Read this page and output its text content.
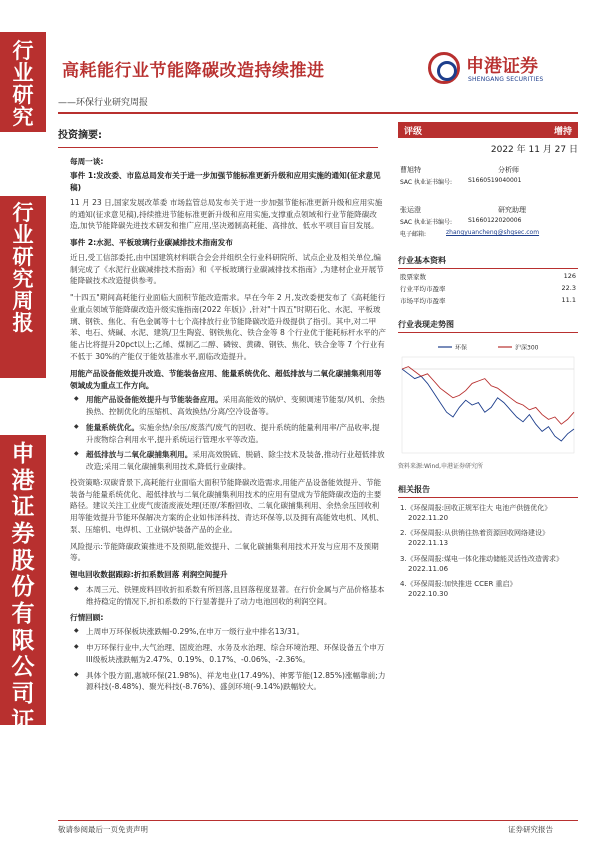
行
业
研
究
行
业
研
究
周
报
申
港
证
券
股
份
有
限
公
司
证
券
研
究
报
告
高耗能行业节能降碳改造持续推进
——环保行业研究周报
申港证券
SHENGANG SECURITIES
投资摘要:
每周一谈:
事件 1:发改委、市监总局发布关于进一步加强节能标准更新升级和应用实施的通知(征求意见稿)
11 月 23 日,国家发展改革委 市场监管总局发布关于进一步加强节能标准更新升级和应用实施的通知(征求意见稿),持续推进节能标准更新升级和应用实施,支撑重点领域和行业节能降碳改造,加快节能降碳先进技术研发和推广应用,坚决遏制高耗能、高排放、低水平项目盲目发展。
事件 2:水泥、平板玻璃行业碳减排技术指南发布
近日,受工信部委托,由中国建筑材料联合会会并组织全行业科研院所、试点企业及相关单位,编制完成了《水泥行业碳减排技术指南》和《平板玻璃行业碳减排技术指南》,为建材企业开展节能降碳技术改造提供参考。
"十四五"期间高耗能行业面临大面积节能改造需求。早在今年 2 月,发改委便发布了《高耗能行业重点领域节能降碳改造升级实施指南(2022 年版)》,针对"十四五"时期石化、水泥、平板玻璃、钢铁、焦化、有色金属等十七个高排放行业节能降碳改造升级提供了指引。其中,对二甲苯、电石、烧碱、水泥、建筑/卫生陶瓷、钢铁焦化、铁合金等 8 个行业优于能耗标杆水平的产能占比将提升20pct以上;乙烯、煤制乙二醇、磷铵、黄磷、钢铁、焦化、铁合金等 7 个行业有不低于 30%的产能仅于能效基准水平,面临改造提升。
用能产品设备能效提升改造、节能装备应用、能量系统优化、超低排放与二氧化碳捕集利用等领域成为重点工作方向。
◆ 用能产品设备能效提升与节能装备应用。采用高能效的锅炉、变频调速节能泵/风机、余热换热、控制优化的压缩机、高效换热/分离/空冷设备等。
◆ 能量系统优化。实施余热/余压/废蒸汽/废气的回收、提升系统的能量利用率/产品收率,提升废物综合利用水平,提升系统运行管理水平等改造。
◆ 超低排放与二氧化碳捕集利用。采用高效脱硫、脱硝、除尘技术及装备,推动行业超低排放改造;采用二氧化碳捕集利用技术,降低行业碳排。
投资策略:双碳背景下,高耗能行业面临大面积节能降碳改造需求,用能产品设备能效提升、节能装备与能量系统优化、超低排放与二氧化碳捕集利用技术的应用有望成为节能降碳改造的主要路径。建议关注工业废气废渣废液处理(还原/苯酚回收、二氧化碳捕集利用、余热余压回收利用等能效提升节能环保解决方案的企业如伟泽科技、青达环保等,以及拥有高能效电机、风机、泵、压缩机、电焊机、工业锅炉装备产品的企业。
风险提示:节能降碳政策推进不及预期,能效提升、二氧化碳捕集利用技术开发与应用不及预期等。
锂电回收数据跟踪:折扣系数回落 利润空间提升
◆ 本周三元、铁锂废料回收折扣系数有所回落,且回落程度显著。在行价金属与产品价格基本维持稳定的情况下,折扣系数的下行显著提升了动力电池回收的利润空间。
行情回顾:
◆ 上周申万环保板块涨跌幅-0.29%,在申万一级行业中排名13/31。
◆ 申万环保行业中,大气治理、固废治理、水务及水治理、综合环境治理、环保设备五个申万III级板块涨跌幅为2.47%、0.19%、0.17%、-0.06%、-2.36%。
◆ 具体个股方面,惠城环保(21.98%)、祥龙电业(17.49%)、神雾节能(12.85%)涨幅靠前;力源科技(-8.48%)、聚光科技(-8.76%)、盛剑环境(-9.14%)跌幅较大。
评级	增持
2022 年 11 月 27 日
曹旭特	分析师
SAC 执业证书编号:	S1660519040001
张运澄	研究助理
SAC 执业证书编号:	S1660122020006
电子邮箱:	zhangyuancheng@shgsec.com
行业基本资料
股票家数	126
行业平均市盈率	22.3
市场平均市盈率	11.1
行业表现走势图
环保	沪深300
资料来源:Wind,申港证券研究所
相关报告
1.《环保周报:回收正规军往大 电池产供链优化》
2022.11.20
2.《环保周报:从供销往热着资源回收网络建设》
2022.11.13
3.《环保周报:煤电一体化推动储能灵活性改造需求》
2022.11.06
4.《环保周报:加快推进 CCER 重启》
2022.10.30
敬请参阅最后一页免责声明	证券研究报告
